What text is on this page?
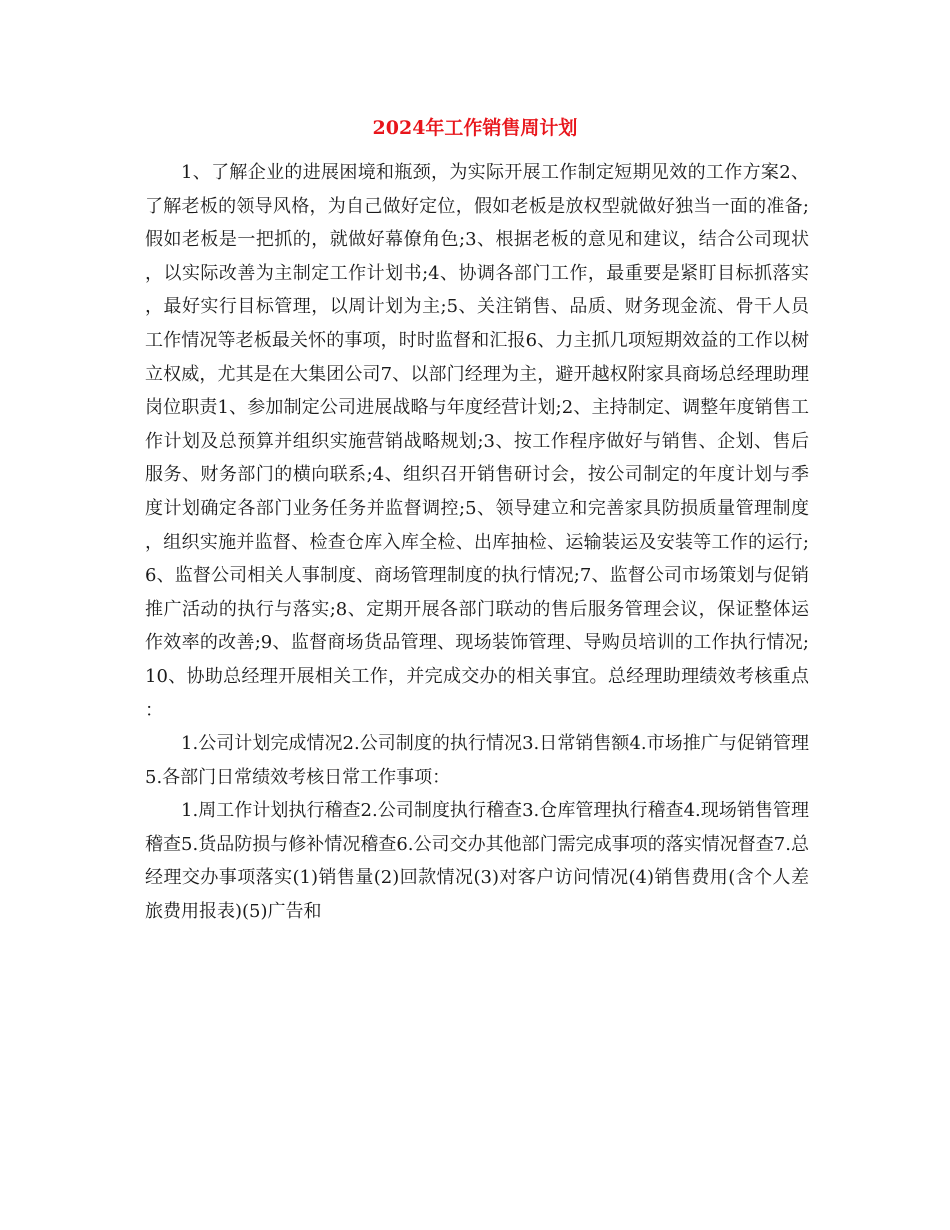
2024年工作销售周计划

1、了解企业的进展困境和瓶颈，为实际开展工作制定短期见效的工作方案2、了解老板的领导风格，为自己做好定位，假如老板是放权型就做好独当一面的准备;假如老板是一把抓的，就做好幕僚角色;3、根据老板的意见和建议，结合公司现状，以实际改善为主制定工作计划书;4、协调各部门工作，最重要是紧盯目标抓落实，最好实行目标管理，以周计划为主;5、关注销售、品质、财务现金流、骨干人员工作情况等老板最关怀的事项，时时监督和汇报6、力主抓几项短期效益的工作以树立权威，尤其是在大集团公司7、以部门经理为主，避开越权附家具商场总经理助理岗位职责1、参加制定公司进展战略与年度经营计划;2、主持制定、调整年度销售工作计划及总预算并组织实施营销战略规划;3、按工作程序做好与销售、企划、售后服务、财务部门的横向联系;4、组织召开销售研讨会，按公司制定的年度计划与季度计划确定各部门业务任务并监督调控;5、领导建立和完善家具防损质量管理制度，组织实施并监督、检查仓库入库全检、出库抽检、运输装运及安装等工作的运行;6、监督公司相关人事制度、商场管理制度的执行情况;7、监督公司市场策划与促销推广活动的执行与落实;8、定期开展各部门联动的售后服务管理会议，保证整体运作效率的改善;9、监督商场货品管理、现场装饰管理、导购员培训的工作执行情况;10、协助总经理开展相关工作，并完成交办的相关事宜。总经理助理绩效考核重点：

1.公司计划完成情况2.公司制度的执行情况3.日常销售额4.市场推广与促销管理5.各部门日常绩效考核日常工作事项：

1.周工作计划执行稽查2.公司制度执行稽查3.仓库管理执行稽查4.现场销售管理稽查5.货品防损与修补情况稽查6.公司交办其他部门需完成事项的落实情况督查7.总经理交办事项落实(1)销售量(2)回款情况(3)对客户访问情况(4)销售费用(含个人差旅费用报表)(5)广告和
